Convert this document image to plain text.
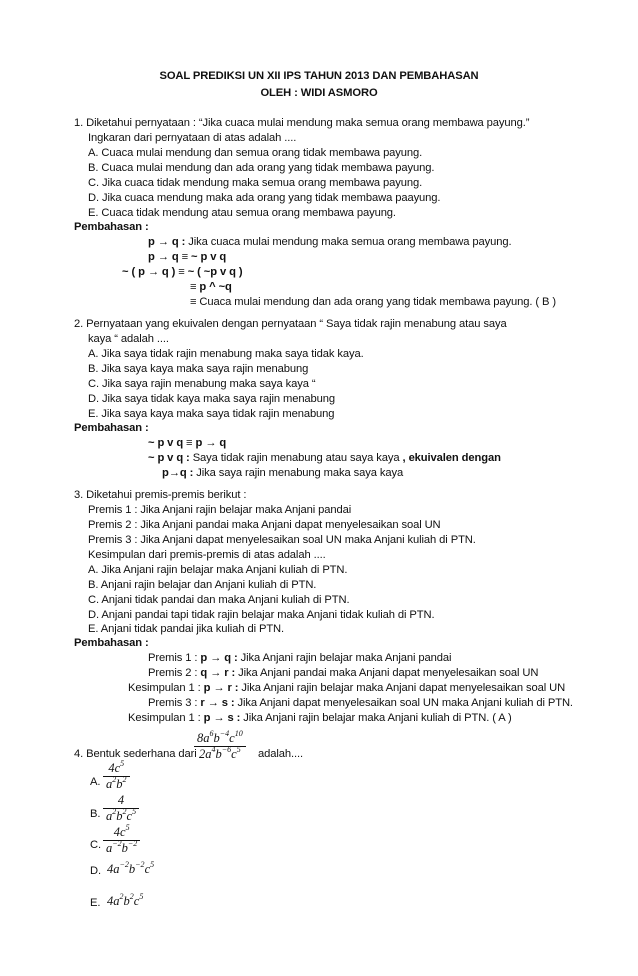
SOAL PREDIKSI UN XII IPS TAHUN 2013 DAN PEMBAHASAN
OLEH : WIDI ASMORO
1. Diketahui pernyataan : “Jika cuaca mulai mendung maka semua orang membawa payung.”
Ingkaran dari pernyataan di atas adalah ....
A. Cuaca mulai mendung dan semua orang tidak membawa payung.
B. Cuaca mulai mendung dan ada orang yang tidak membawa payung.
C. Jika cuaca tidak mendung maka semua orang membawa payung.
D. Jika cuaca mendung maka ada orang yang tidak membawa paayung.
E. Cuaca tidak mendung atau semua orang membawa payung.
Pembahasan :
p → q : Jika cuaca mulai mendung maka semua orang membawa payung.
p → q ≡ ~ p v q
~ ( p → q ) ≡ ~ ( ~p v q )
≡ p ^ ~q
≡ Cuaca mulai mendung dan ada orang yang tidak membawa payung. ( B )
2. Pernyataan yang ekuivalen dengan pernyataan “ Saya tidak rajin menabung atau saya
kaya “ adalah ....
A. Jika saya tidak rajin menabung maka saya tidak kaya.
B. Jika saya kaya maka saya rajin menabung
C. Jika saya rajin menabung maka saya kaya “
D. Jika saya tidak kaya maka saya rajin menabung
E. Jika saya kaya maka saya tidak rajin menabung
Pembahasan :
~ p v q ≡ p → q
~ p v q : Saya tidak rajin menabung atau saya kaya , ekuivalen dengan
p→q : Jika saya rajin menabung maka saya kaya
3. Diketahui premis-premis berikut :
Premis 1 : Jika Anjani rajin belajar maka Anjani pandai
Premis 2 : Jika Anjani pandai maka Anjani dapat menyelesaikan soal UN
Premis 3 : Jika Anjani dapat menyelesaikan soal UN maka Anjani kuliah di PTN.
Kesimpulan dari premis-premis di atas adalah ....
A. Jika Anjani rajin belajar maka Anjani kuliah di PTN.
B. Anjani rajin belajar dan Anjani kuliah di PTN.
C. Anjani tidak pandai dan maka Anjani kuliah di PTN.
D. Anjani pandai tapi tidak rajin belajar maka Anjani tidak kuliah di PTN.
E. Anjani tidak pandai jika kuliah di PTN.
Pembahasan :
Premis 1 : p → q : Jika Anjani rajin belajar maka Anjani pandai
Premis 2 : q → r : Jika Anjani pandai maka Anjani dapat menyelesaikan soal UN
Kesimpulan 1 : p → r : Jika Anjani rajin belajar maka Anjani dapat menyelesaikan soal UN
Premis 3 : r → s : Jika Anjani dapat menyelesaikan soal UN maka Anjani kuliah di PTN.
Kesimpulan 1 : p → s : Jika Anjani rajin belajar maka Anjani kuliah di PTN. ( A )
4. Bentuk sederhana dari
$8a^6b^{-4}c^{10}$
$2a^4b^{-6}c^5$ adalah....
A.
$4c^5$
$a^2b^2$
B.
4
$a^2b^2c^5$
C.
$4c^5$
$a^{-2}b^{-2}$
D. $4a^{-2}b^{-2}c^5$
E. $4a^2b^2c^5$
